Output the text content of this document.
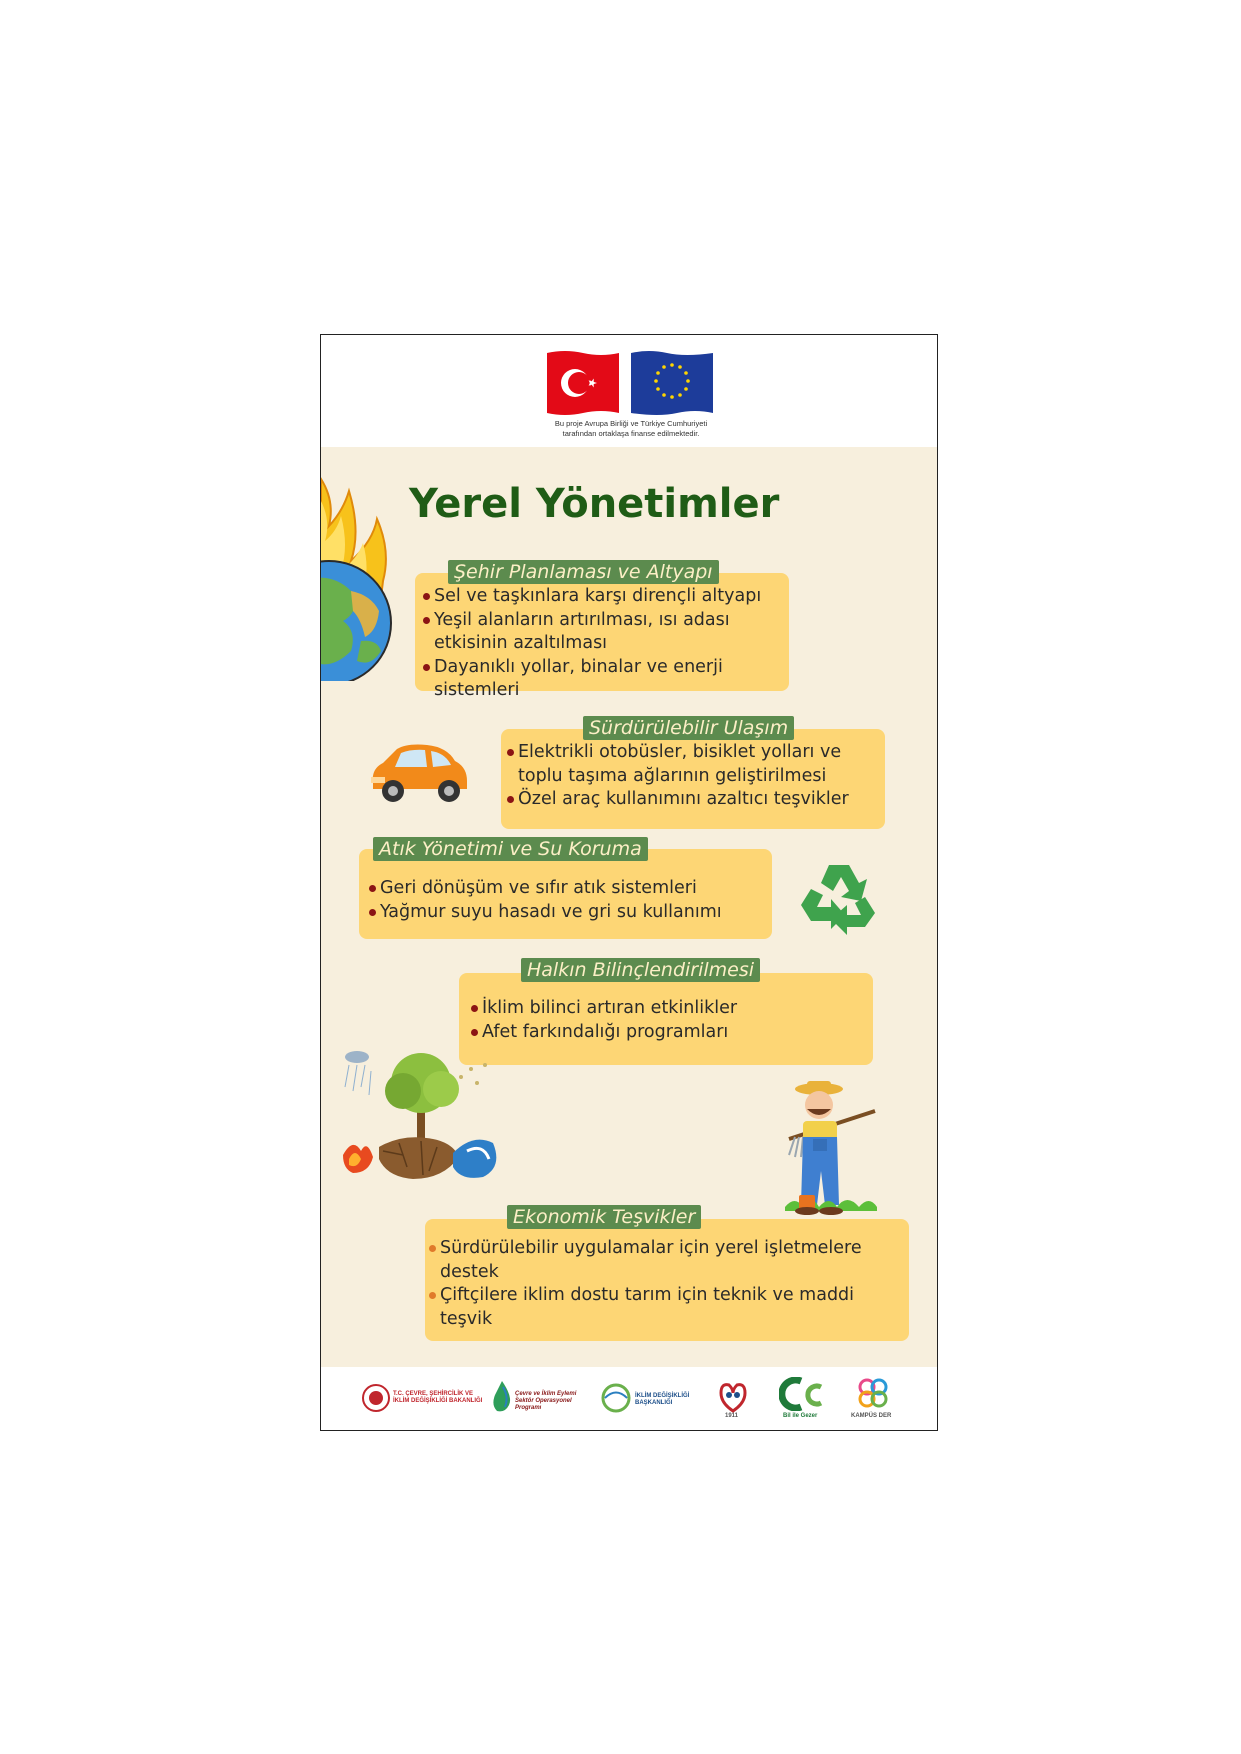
Bu proje Avrupa Birliği ve Türkiye Cumhuriyeti
tarafından ortaklaşa finanse edilmektedir.
Yerel Yönetimler
Sel ve taşkınlara karşı dirençli altyapı
Yeşil alanların artırılması, ısı adası etkisinin azaltılması
Dayanıklı yollar, binalar ve enerji sistemleri
Şehir Planlaması ve Altyapı
Elektrikli otobüsler, bisiklet yolları ve toplu taşıma ağlarının geliştirilmesi
Özel araç kullanımını azaltıcı teşvikler
Sürdürülebilir Ulaşım
Geri dönüşüm ve sıfır atık sistemleri
Yağmur suyu hasadı ve gri su kullanımı
Atık Yönetimi ve Su Koruma
İklim bilinci artıran etkinlikler
Afet farkındalığı programları
Halkın Bilinçlendirilmesi
Sürdürülebilir uygulamalar için yerel işletmelere destek
Çiftçilere iklim dostu tarım için teknik ve maddi teşvik
Ekonomik Teşvikler
T.C. ÇEVRE, ŞEHİRCİLİK VE
İKLİM DEĞİŞİKLİĞİ BAKANLIĞI
Çevre ve İklim Eylemi
Sektör Operasyonel Programı
İKLİM DEĞİŞİKLİĞİ
BAŞKANLIĞI
1911	Bil ile Gezer	KAMPÜS DER
